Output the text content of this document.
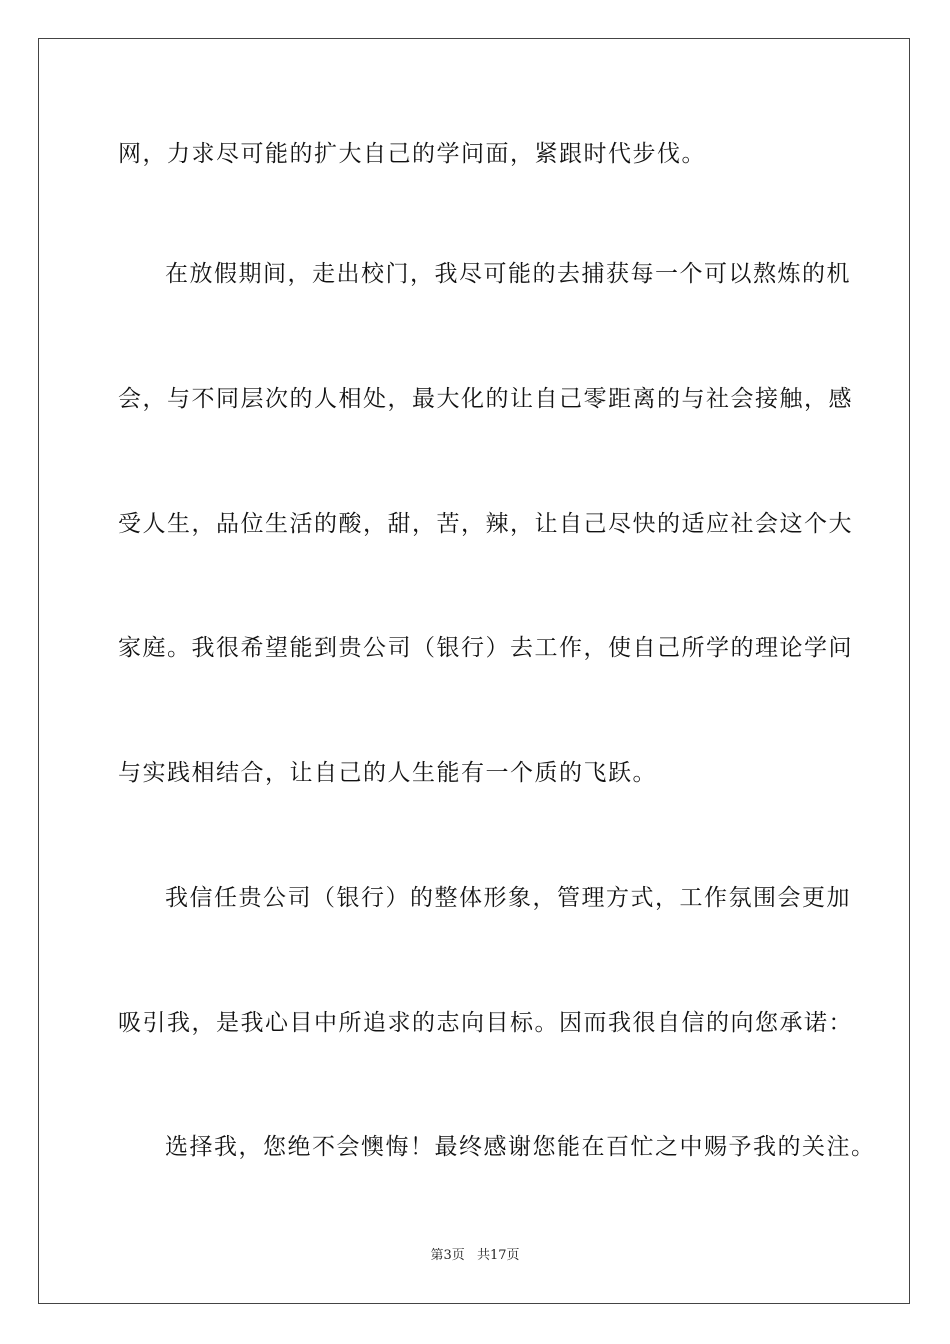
网，力求尽可能的扩大自己的学问面，紧跟时代步伐。
在放假期间，走出校门，我尽可能的去捕获每一个可以熬炼的机
会，与不同层次的人相处，最大化的让自己零距离的与社会接触，感
受人生，品位生活的酸，甜，苦，辣，让自己尽快的适应社会这个大
家庭。我很希望能到贵公司（银行）去工作，使自己所学的理论学问
与实践相结合，让自己的人生能有一个质的飞跃。
我信任贵公司（银行）的整体形象，管理方式，工作氛围会更加
吸引我，是我心目中所追求的志向目标。因而我很自信的向您承诺：
选择我，您绝不会懊悔！最终感谢您能在百忙之中赐予我的关注。
第3页 共17页
